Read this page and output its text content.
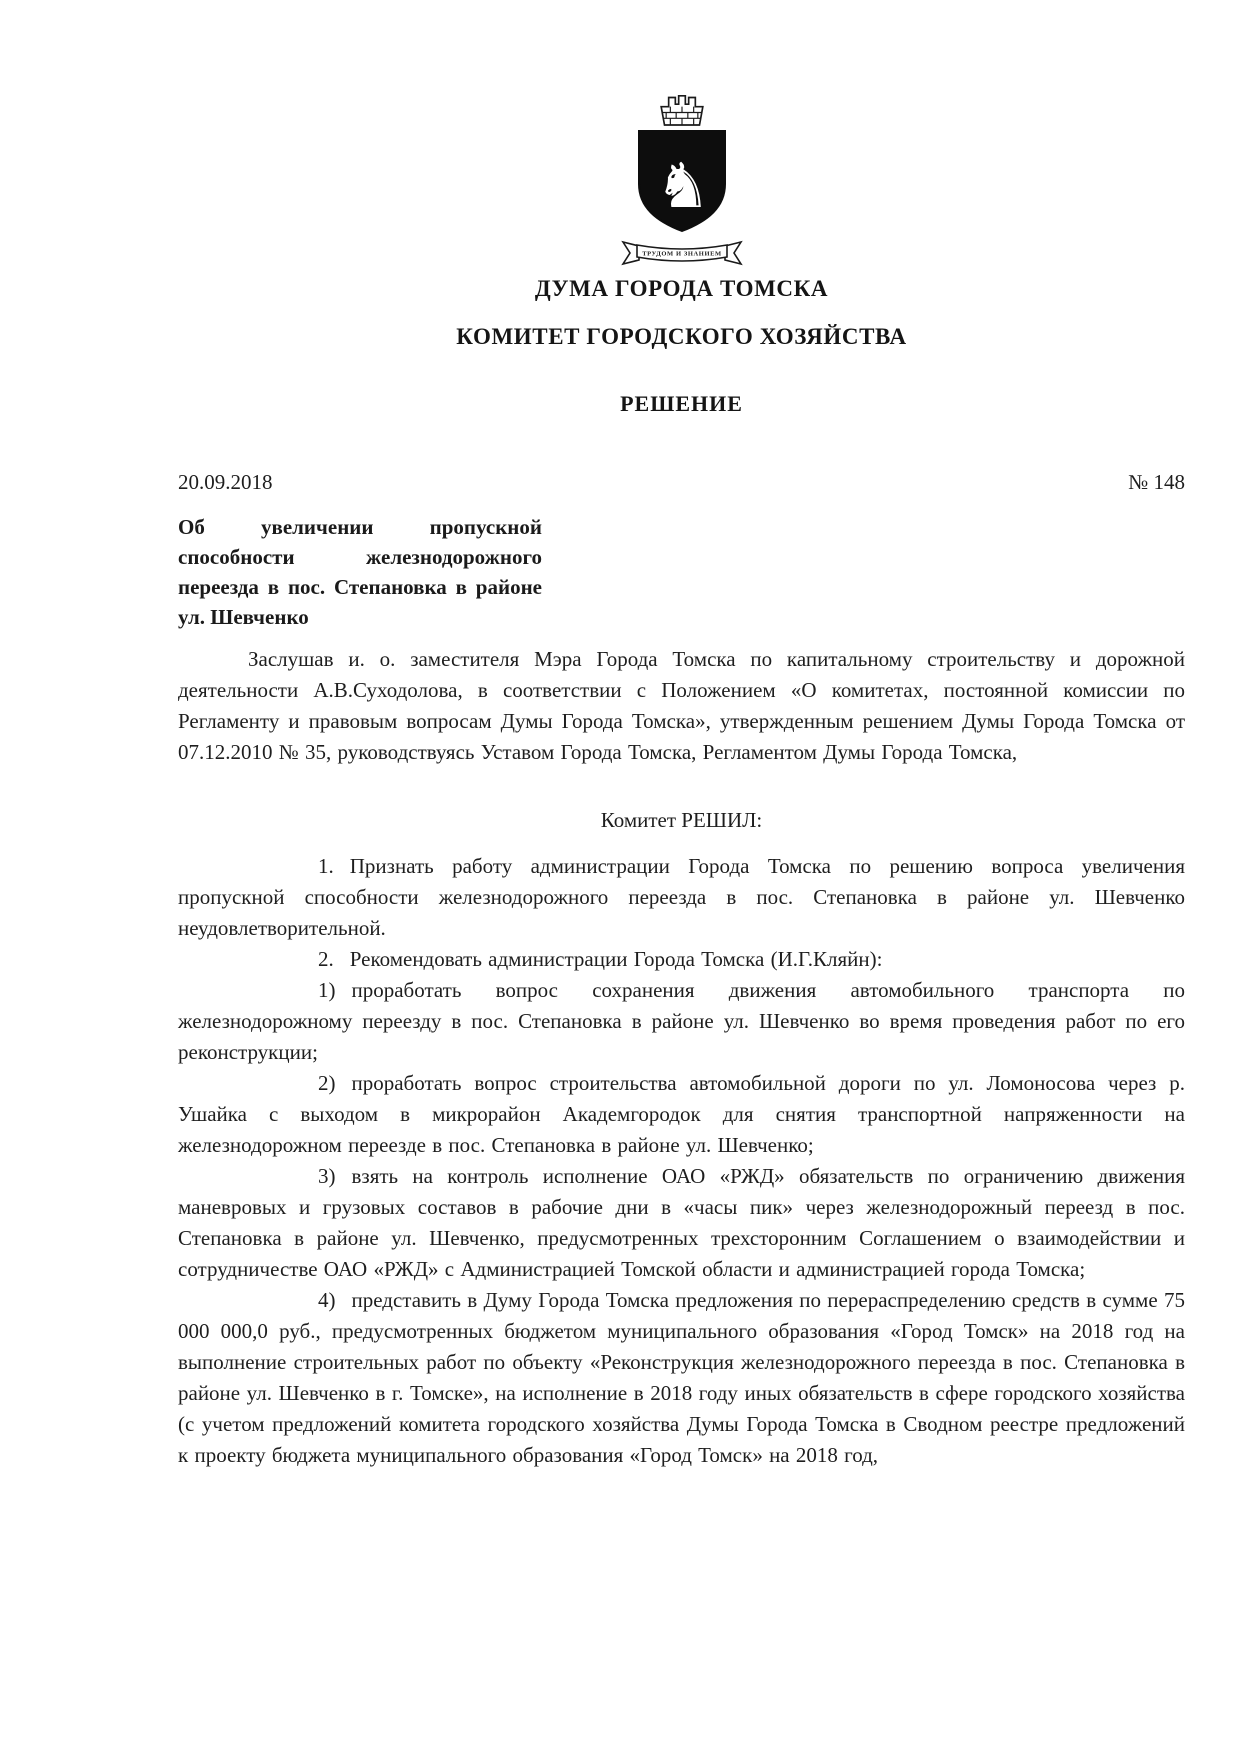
♞
ТРУДОМ И ЗНАНИЕМ
ДУМА ГОРОДА ТОМСКА
КОМИТЕТ ГОРОДСКОГО ХОЗЯЙСТВА
РЕШЕНИЕ
20.09.2018	№ 148
Об увеличении пропускной способности железнодорожного переезда в пос. Степановка в районе ул. Шевченко

Заслушав и. о. заместителя Мэра Города Томска по капитальному строительству и дорожной деятельности А.В.Суходолова, в соответствии с Положением «О комитетах, постоянной комиссии по Регламенту и правовым вопросам Думы Города Томска», утвержденным решением Думы Города Томска от 07.12.2010 № 35, руководствуясь Уставом Города Томска, Регламентом Думы Города Томска,

Комитет РЕШИЛ:

1. Признать работу администрации Города Томска по решению вопроса увеличения пропускной способности железнодорожного переезда в пос. Степановка в районе ул. Шевченко неудовлетворительной.

2. Рекомендовать администрации Города Томска (И.Г.Кляйн):

1) проработать вопрос сохранения движения автомобильного транспорта по железнодорожному переезду в пос. Степановка в районе ул. Шевченко во время проведения работ по его реконструкции;

2) проработать вопрос строительства автомобильной дороги по ул. Ломоносова через р. Ушайка с выходом в микрорайон Академгородок для снятия транспортной напряженности на железнодорожном переезде в пос. Степановка в районе ул. Шевченко;

3) взять на контроль исполнение ОАО «РЖД» обязательств по ограничению движения маневровых и грузовых составов в рабочие дни в «часы пик» через железнодорожный переезд в пос. Степановка в районе ул. Шевченко, предусмотренных трехсторонним Соглашением о взаимодействии и сотрудничестве ОАО «РЖД» с Администрацией Томской области и администрацией города Томска;

4) представить в Думу Города Томска предложения по перераспределению средств в сумме 75 000 000,0 руб., предусмотренных бюджетом муниципального образования «Город Томск» на 2018 год на выполнение строительных работ по объекту «Реконструкция железнодорожного переезда в пос. Степановка в районе ул. Шевченко в г. Томске», на исполнение в 2018 году иных обязательств в сфере городского хозяйства (с учетом предложений комитета городского хозяйства Думы Города Томска в Сводном реестре предложений к проекту бюджета муниципального образования «Город Томск» на 2018 год,
